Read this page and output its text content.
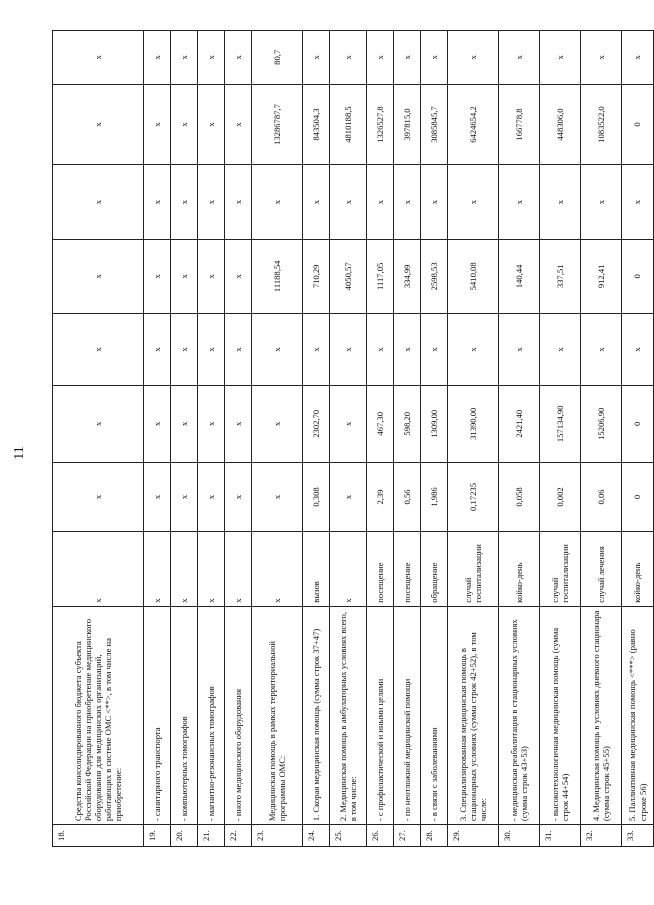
11
18.	Средства консолидированного бюджета субъекта Российской Федерации на приобретение медицинского оборудования для медицинских организаций, работающих в системе ОМС <**>, в том числе на приобретение:	х	х	х	х	х	х	х	х
19.	- санитарного транспорта	х	х	х	х	х	х	х	х
20.	- компьютерных томографов	х	х	х	х	х	х	х	х
21.	- магнитно-резонансных томографов	х	х	х	х	х	х	х	х
22.	- иного медицинского оборудования	х	х	х	х	х	х	х	х
23.	Медицинская помощь в рамках территориальной программы ОМС:	х	х	х	х	11188,54	х	13286787,7	80,7
24.	1. Скорая медицинская помощь (сумма строк 37+47)	вызов	0,308	2302,70	х	710,29	х	843504,3	х
25.	2. Медицинская помощь в амбулаторных условиях всего, в том числе:	х	х	х	х	4050,57	х	4810188,5	х
26.	- с профилактической и иными целями	посещение	2,39	467,30	х	1117,05	х	1326527,8	х
27.	- по неотложной медицинской помощи	посещение	0,56	598,20	х	334,99	х	397815,0	х
28.	- в связи с заболеваниями	обращение	1,986	1309,00	х	2598,53	х	3085845,7	х
29.	3. Специализированная медицинская помощь в стационарных условиях (сумма строк 42+52), в том числе:	случай госпитализации	0,17235	31390,00	х	5410,08	х	6424654,2	х
30.	- медицинская реабилитация в стационарных условиях (сумма строк 43+53)	койко-день	0,058	2421,40	х	140,44	х	166778,8	х
31.	- высокотехнологичная медицинская помощь (сумма строк 44+54)	случай госпитализации	0,002	157134,90	х	337,51	х	448306,0	х
32.	4. Медицинская помощь в условиях дневного стационара (сумма строк 45+55)	случай лечения	0,06	15206,90	х	912,41	х	1083522,0	х
33.	5. Паллиативная медицинская помощь <***> (равно строке 56)	койко-день	0	0	х	0	х	0	х
